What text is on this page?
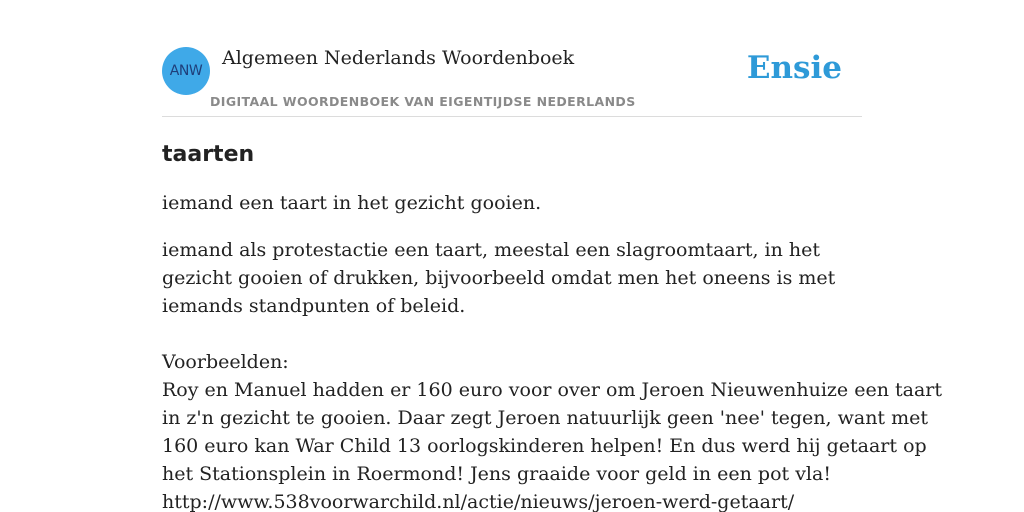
ANW
Algemeen Nederlands Woordenboek
DIGITAAL WOORDENBOEK VAN EIGENTIJDSE NEDERLANDS
Ensie
taarten

iemand een taart in het gezicht gooien.

iemand als protestactie een taart, meestal een slagroomtaart, in het gezicht gooien of drukken, bijvoorbeeld omdat men het oneens is met iemands standpunten of beleid.
Voorbeelden:
Roy en Manuel hadden er 160 euro voor over om Jeroen Nieuwenhuize een taart
in z'n gezicht te gooien. Daar zegt Jeroen natuurlijk geen 'nee' tegen, want met
160 euro kan War Child 13 oorlogskinderen helpen! En dus werd hij getaart op
het Stationsplein in Roermond! Jens graaide voor geld in een pot vla!
http://www.538voorwarchild.nl/actie/nieuws/jeroen-werd-getaart/
